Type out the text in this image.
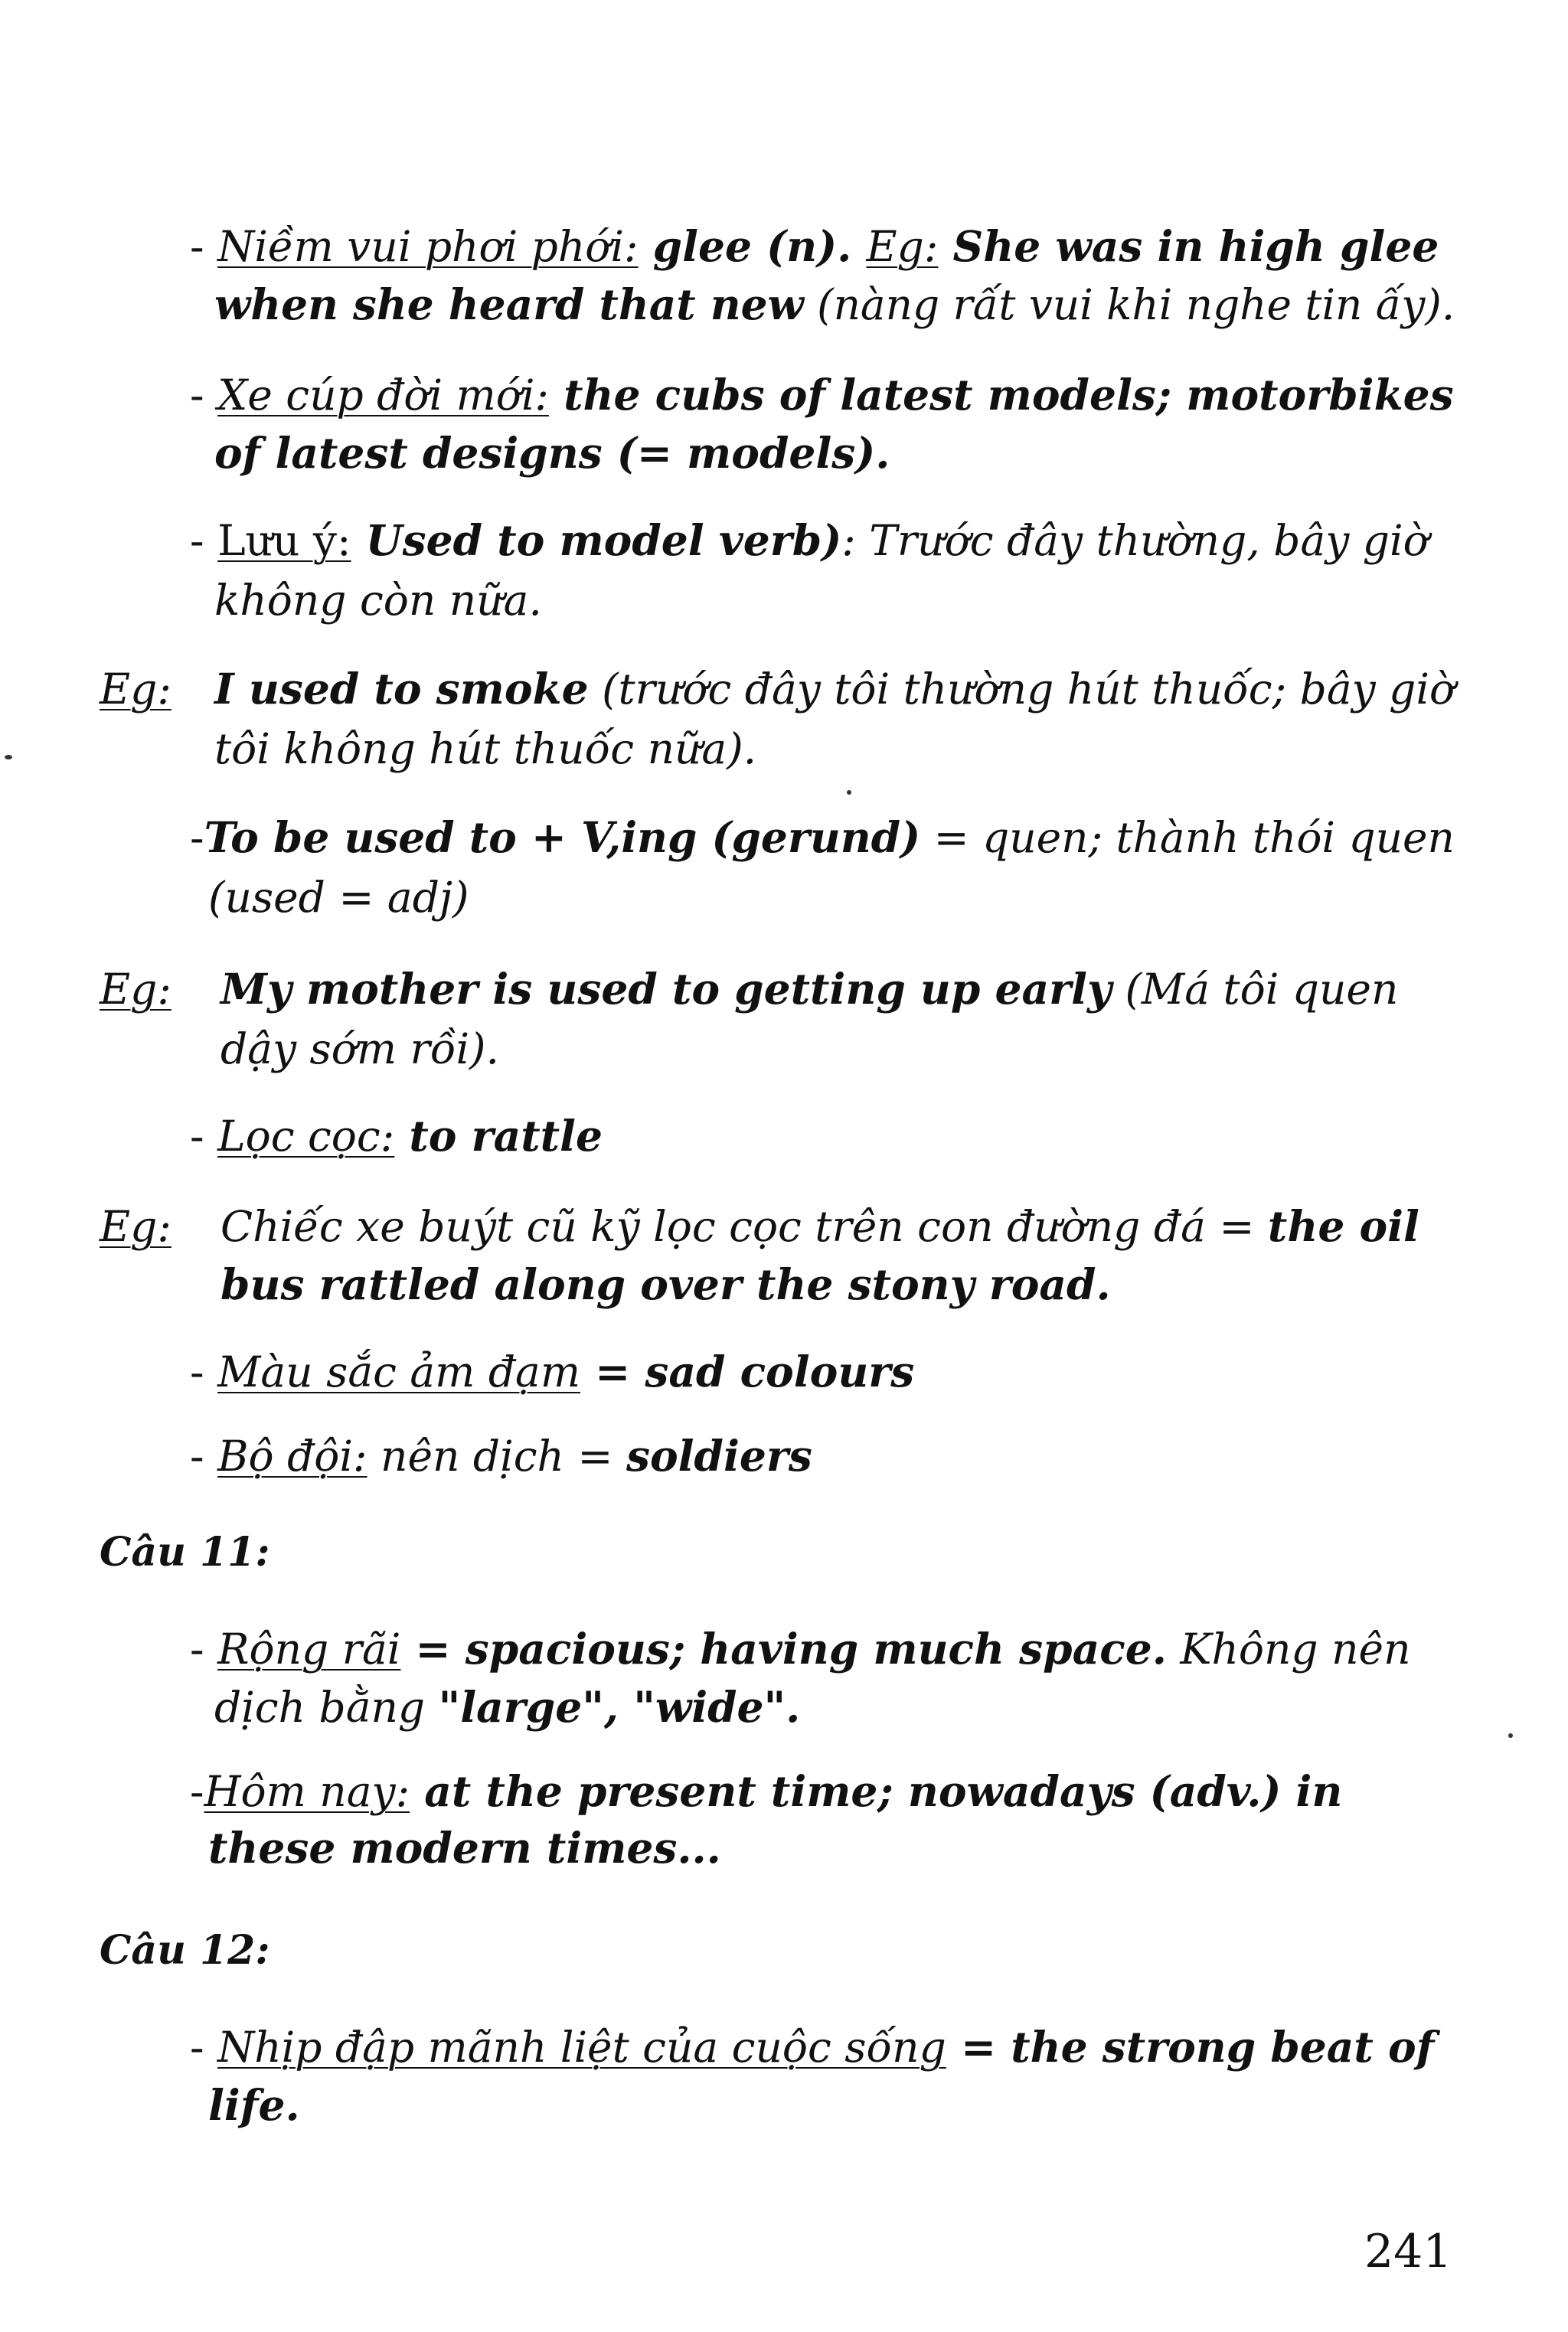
- Niềm vui phơi phới: glee (n). Eg: She was in high glee
when she heard that new (nàng rất vui khi nghe tin ấy).
- Xe cúp đời mới: the cubs of latest models; motorbikes
of latest designs (= models).
- Lưu ý: Used to model verb): Trước đây thường, bây giờ
không còn nữa.
Eg: I used to smoke (trước đây tôi thường hút thuốc; bây giờ
tôi không hút thuốc nữa).
-To be used to + V,ing (gerund) = quen; thành thói quen
(used = adj)
Eg: My mother is used to getting up early (Má tôi quen
dậy sớm rồi).
- Lọc cọc: to rattle
Eg: Chiếc xe buýt cũ kỹ lọc cọc trên con đường đá = the oil
bus rattled along over the stony road.
- Màu sắc ảm đạm = sad colours
- Bộ đội: nên dịch = soldiers
Câu 11:
- Rộng rãi = spacious; having much space. Không nên
dịch bằng "large", "wide".
-Hôm nay: at the present time; nowadays (adv.) in
these modern times...
Câu 12:
- Nhịp đập mãnh liệt của cuộc sống = the strong beat of
life.
241
